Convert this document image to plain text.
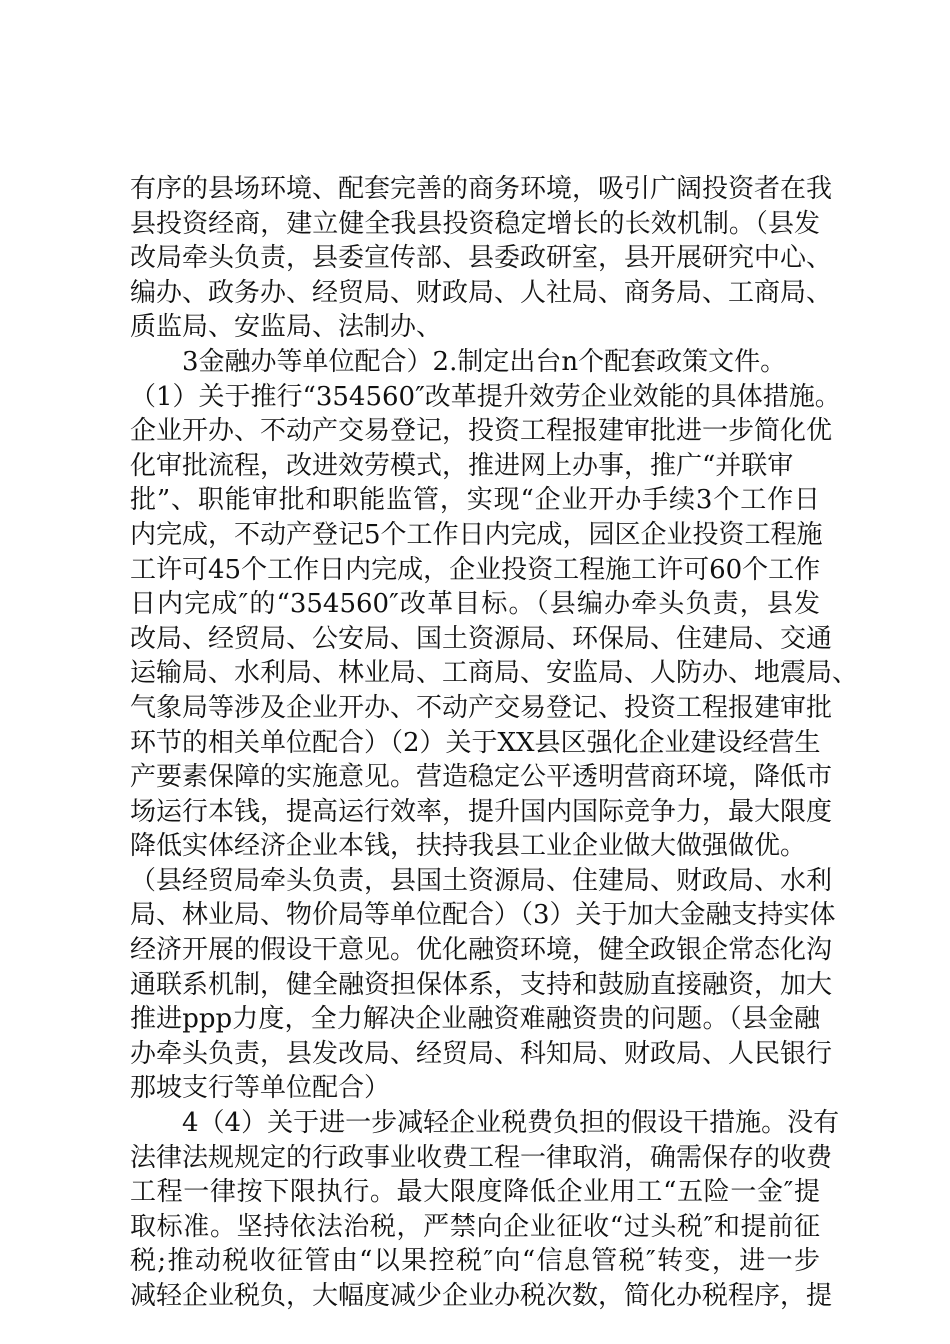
有序的县场环境、配套完善的商务环境，吸引广阔投资者在我
县投资经商，建立健全我县投资稳定增长的长效机制。（县发
改局牵头负责，县委宣传部、县委政研室，县开展研究中心、
编办、政务办、经贸局、财政局、人社局、商务局、工商局、
质监局、安监局、法制办、
3金融办等单位配合）2.制定出台n个配套政策文件。
（1）关于推行“354560″改革提升效劳企业效能的具体措施。
企业开办、不动产交易登记，投资工程报建审批进一步简化优
化审批流程，改进效劳模式，推进网上办事，推广“并联审
批”、职能审批和职能监管，实现“企业开办手续3个工作日
内完成，不动产登记5个工作日内完成，园区企业投资工程施
工许可45个工作日内完成，企业投资工程施工许可60个工作
日内完成″的“354560″改革目标。（县编办牵头负责，县发
改局、经贸局、公安局、国土资源局、环保局、住建局、交通
运输局、水利局、林业局、工商局、安监局、人防办、地震局、
气象局等涉及企业开办、不动产交易登记、投资工程报建审批
环节的相关单位配合）（2）关于XX县区强化企业建设经营生
产要素保障的实施意见。营造稳定公平透明营商环境，降低市
场运行本钱，提高运行效率，提升国内国际竞争力，最大限度
降低实体经济企业本钱，扶持我县工业企业做大做强做优。
（县经贸局牵头负责，县国土资源局、住建局、财政局、水利
局、林业局、物价局等单位配合）（3）关于加大金融支持实体
经济开展的假设干意见。优化融资环境，健全政银企常态化沟
通联系机制，健全融资担保体系，支持和鼓励直接融资，加大
推进ppp力度，全力解决企业融资难融资贵的问题。（县金融
办牵头负责，县发改局、经贸局、科知局、财政局、人民银行
那坡支行等单位配合）
4（4）关于进一步减轻企业税费负担的假设干措施。没有
法律法规规定的行政事业收费工程一律取消，确需保存的收费
工程一律按下限执行。最大限度降低企业用工“五险一金″提
取标准。坚持依法治税，严禁向企业征收“过头税″和提前征
税;推动税收征管由“以果控税″向“信息管税″转变，进一步
减轻企业税负，大幅度减少企业办税次数，简化办税程序，提
